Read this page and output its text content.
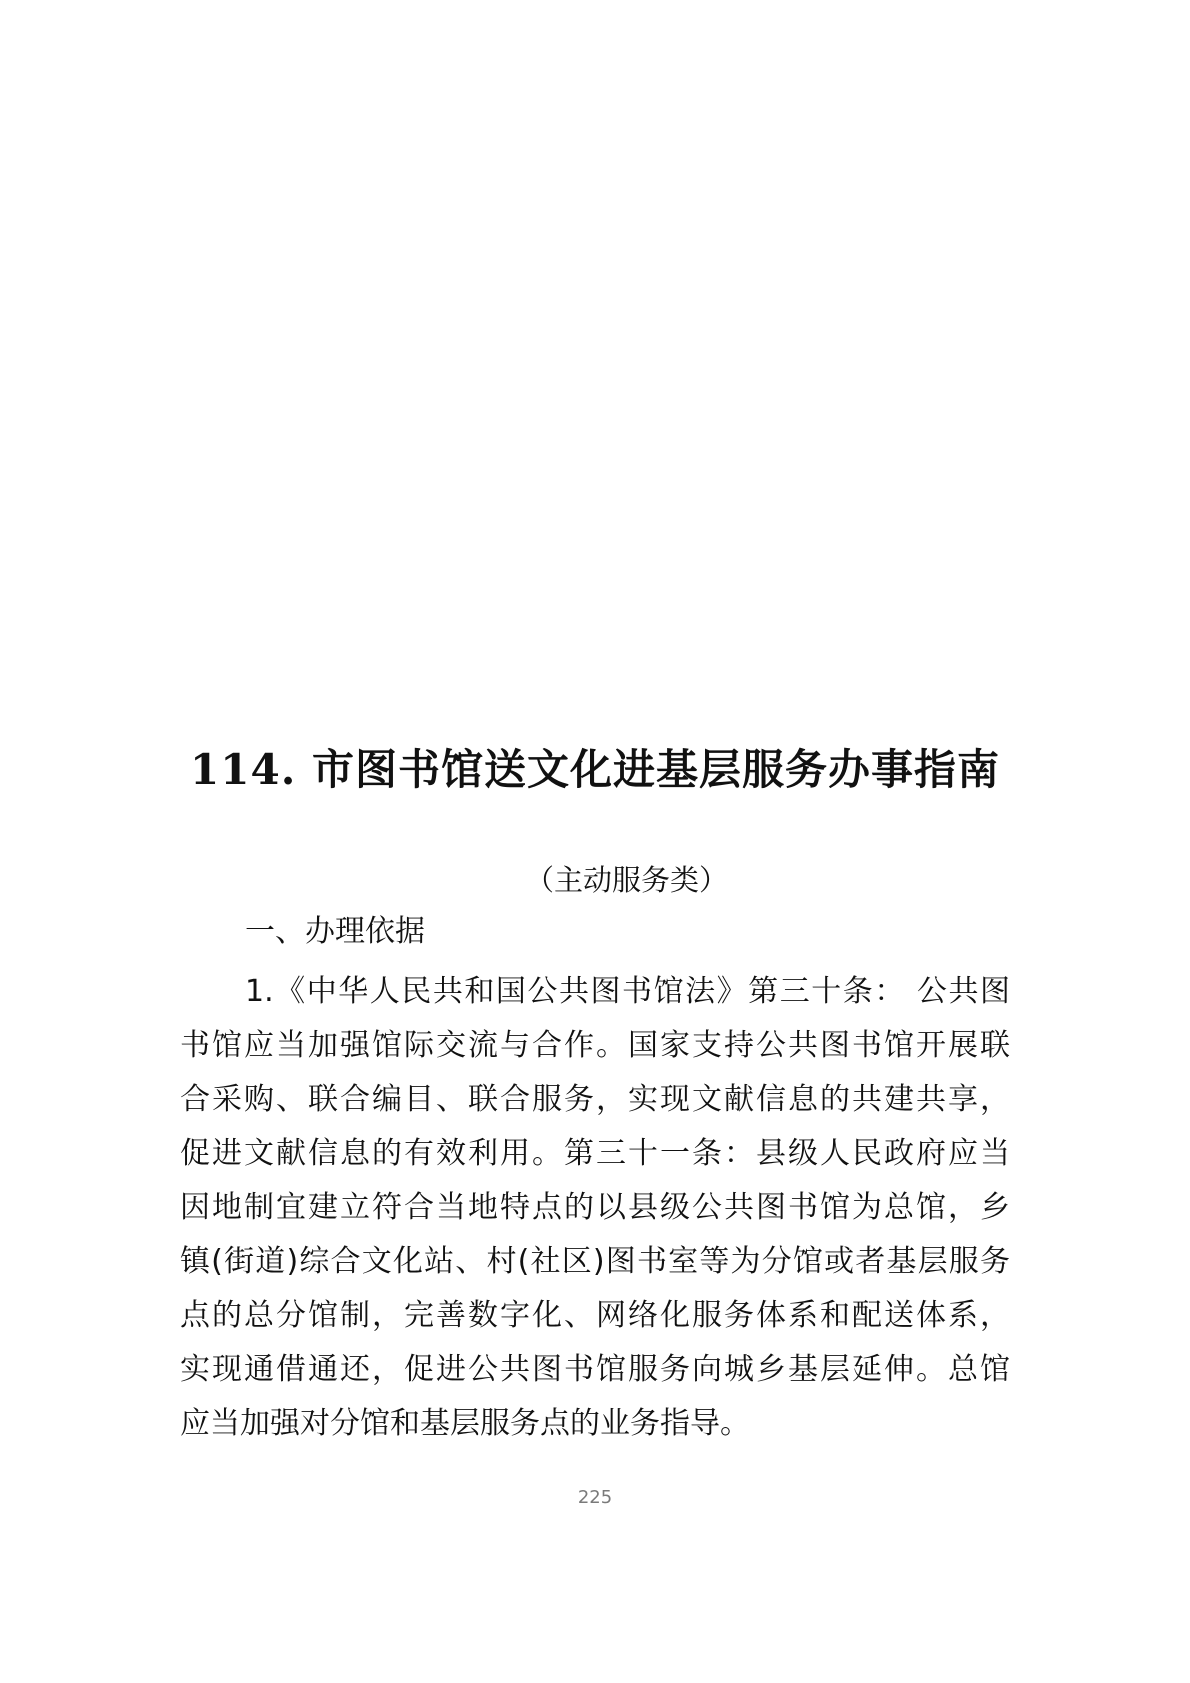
114. 市图书馆送文化进基层服务办事指南
（主动服务类）
一、办理依据
1.《中华人民共和国公共图书馆法》第三十条： 公共图
书馆应当加强馆际交流与合作。国家支持公共图书馆开展联
合采购、联合编目、联合服务，实现文献信息的共建共享，
促进文献信息的有效利用。第三十一条：县级人民政府应当
因地制宜建立符合当地特点的以县级公共图书馆为总馆，乡
镇(街道)综合文化站、村(社区)图书室等为分馆或者基层服务
点的总分馆制，完善数字化、网络化服务体系和配送体系，
实现通借通还，促进公共图书馆服务向城乡基层延伸。总馆
应当加强对分馆和基层服务点的业务指导。
225
